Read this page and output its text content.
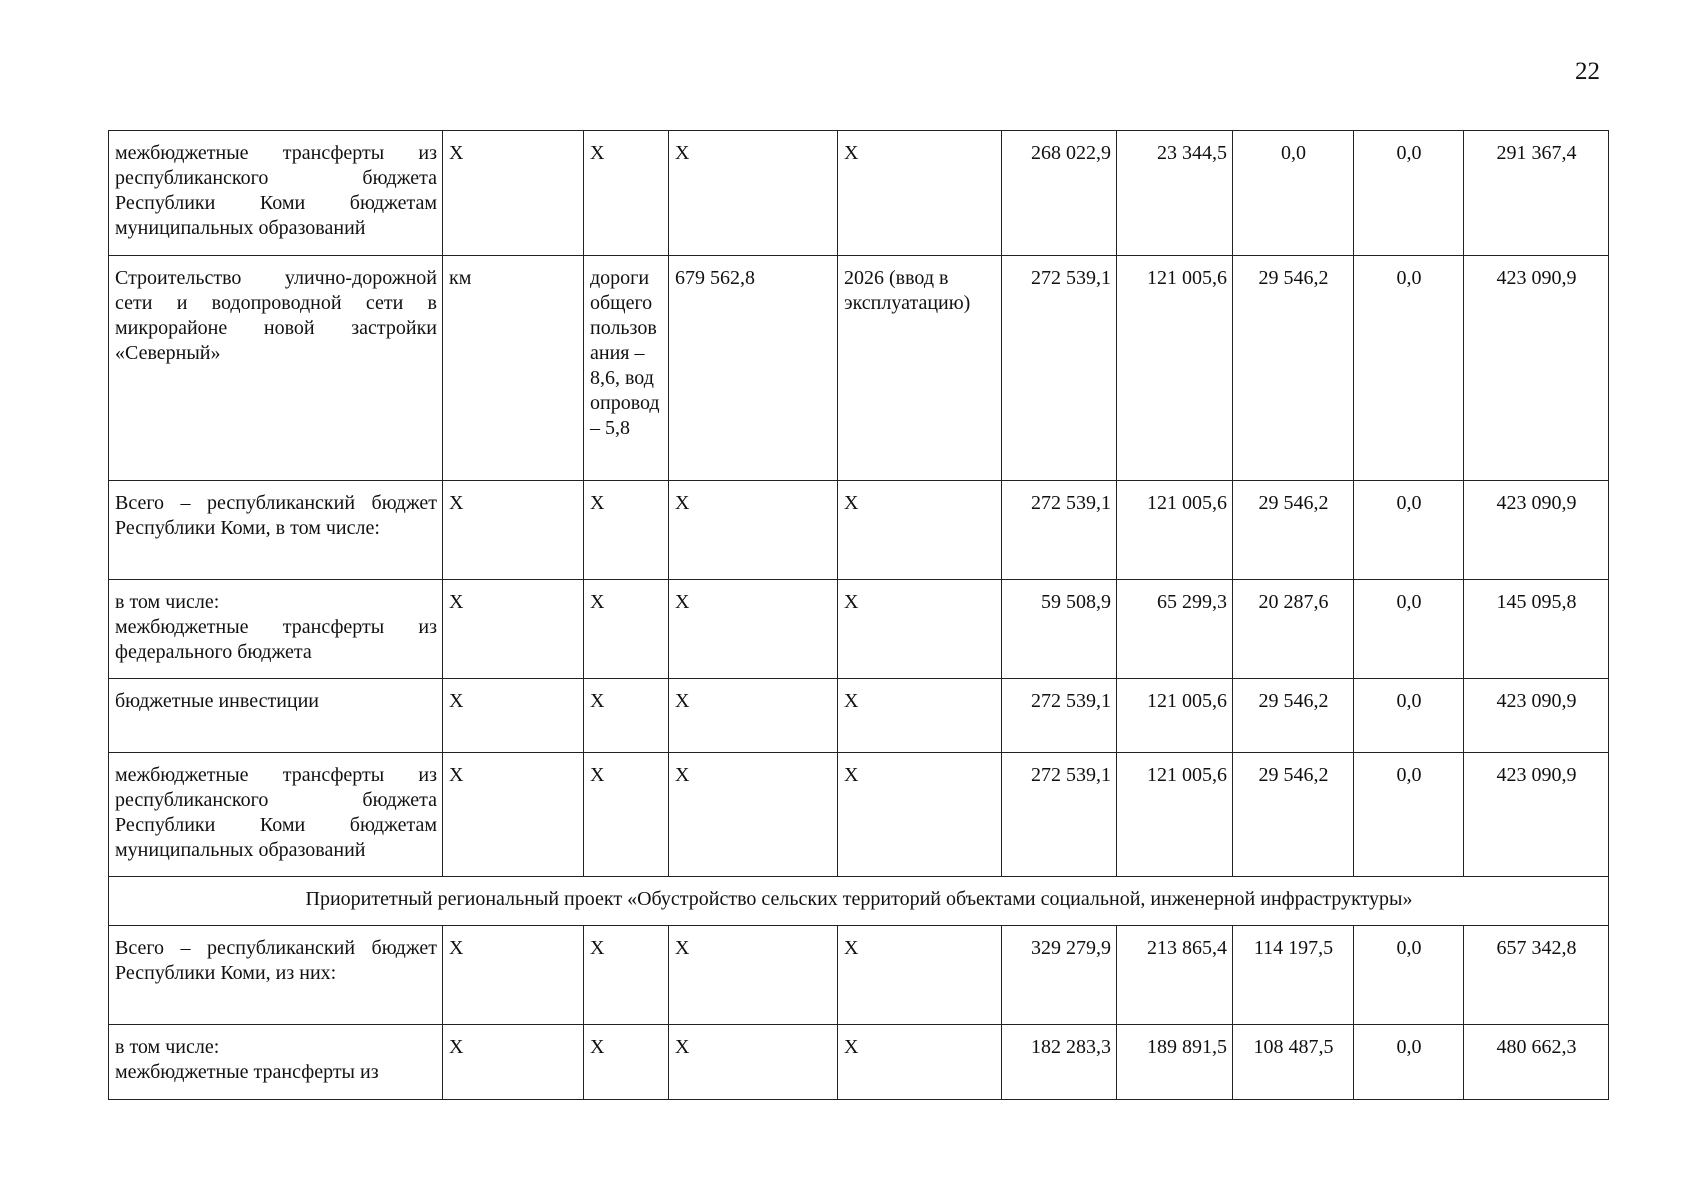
22
межбюджетные трансферты из республиканского бюджета Республики Коми бюджетам муниципальных образований	Х	Х	Х	Х	268 022,9	23 344,5	0,0	0,0	291 367,4
Строительство улично-дорожной сети и водопроводной сети в микрорайоне новой застройки «Северный»	км	дороги общего пользования – 8,6, водопровод – 5,8	679 562,8	2026 (ввод в эксплуатацию)	272 539,1	121 005,6	29 546,2	0,0	423 090,9
Всего – республиканский бюджет Республики Коми, в том числе:	Х	Х	Х	Х	272 539,1	121 005,6	29 546,2	0,0	423 090,9

в том числе:
межбюджетные трансферты из федерального бюджета	Х	Х	Х	Х	59 508,9	65 299,3	20 287,6	0,0	145 095,8
бюджетные инвестиции	Х	Х	Х	Х	272 539,1	121 005,6	29 546,2	0,0	423 090,9
межбюджетные трансферты из республиканского бюджета Республики Коми бюджетам муниципальных образований	Х	Х	Х	Х	272 539,1	121 005,6	29 546,2	0,0	423 090,9
Приоритетный региональный проект «Обустройство сельских территорий объектами социальной, инженерной инфраструктуры»									
Всего – республиканский бюджет Республики Коми, из них:	Х	Х	Х	Х	329 279,9	213 865,4	114 197,5	0,0	657 342,8

в том числе:
межбюджетные трансферты из	Х	Х	Х	Х	182 283,3	189 891,5	108 487,5	0,0	480 662,3
